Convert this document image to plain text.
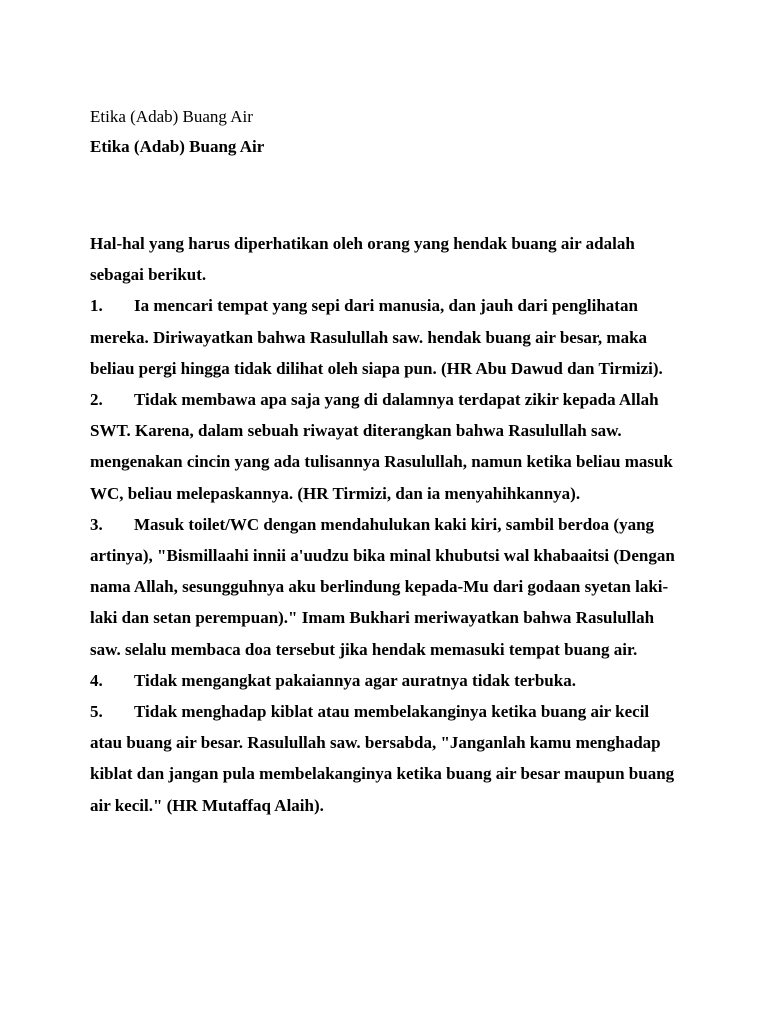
Etika (Adab) Buang Air
Etika (Adab) Buang Air

Hal-hal yang harus diperhatikan oleh orang yang hendak buang air adalah sebagai berikut.

1. Ia mencari tempat yang sepi dari manusia, dan jauh dari penglihatan mereka. Diriwayatkan bahwa Rasulullah saw. hendak buang air besar, maka beliau pergi hingga tidak dilihat oleh siapa pun. (HR Abu Dawud dan Tirmizi).

2. Tidak membawa apa saja yang di dalamnya terdapat zikir kepada Allah SWT. Karena, dalam sebuah riwayat diterangkan bahwa Rasulullah saw. mengenakan cincin yang ada tulisannya Rasulullah, namun ketika beliau masuk WC, beliau melepaskannya. (HR Tirmizi, dan ia menyahihkannya).

3. Masuk toilet/WC dengan mendahulukan kaki kiri, sambil berdoa (yang artinya), "Bismillaahi innii a'uudzu bika minal khubutsi wal khabaaitsi (Dengan nama Allah, sesungguhnya aku berlindung kepada-Mu dari godaan syetan laki-laki dan setan perempuan)." Imam Bukhari meriwayatkan bahwa Rasulullah saw. selalu membaca doa tersebut jika hendak memasuki tempat buang air.

4. Tidak mengangkat pakaiannya agar auratnya tidak terbuka.

5. Tidak menghadap kiblat atau membelakanginya ketika buang air kecil atau buang air besar. Rasulullah saw. bersabda, "Janganlah kamu menghadap kiblat dan jangan pula membelakanginya ketika buang air besar maupun buang air kecil." (HR Mutaffaq Alaih).
